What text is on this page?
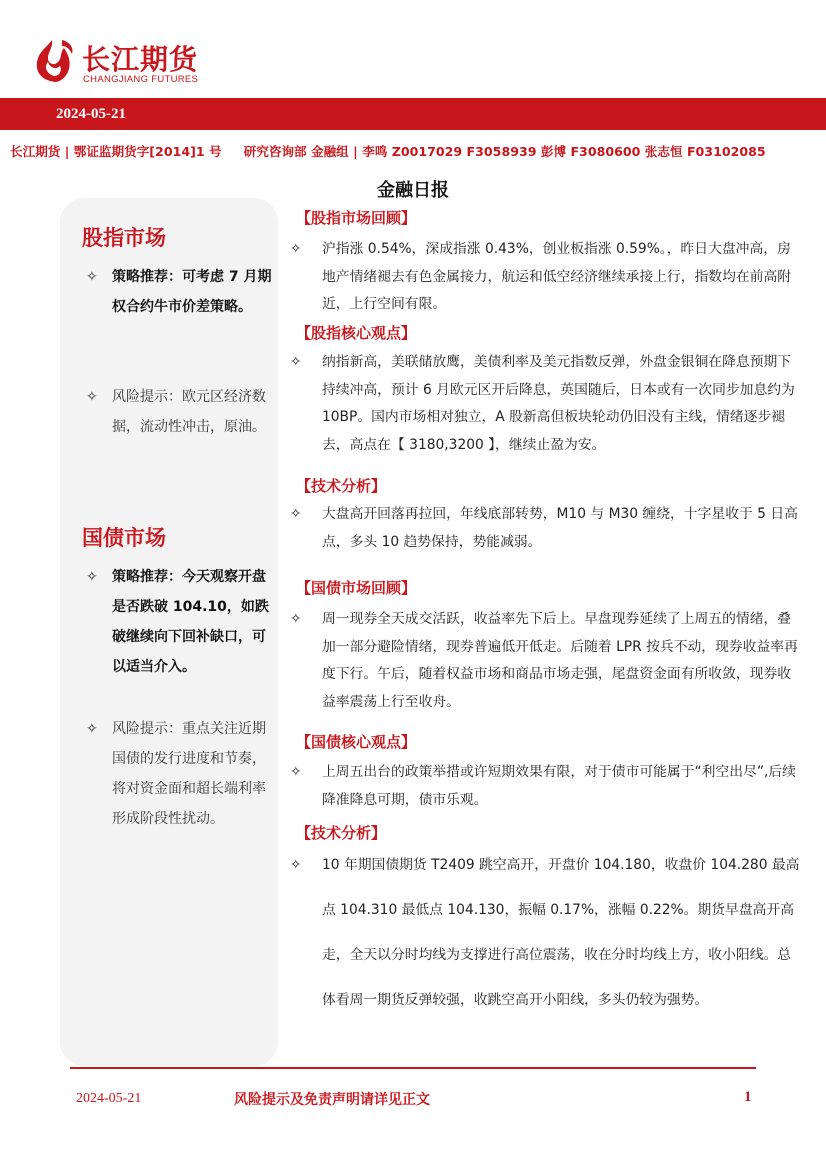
长江期货
CHANGJIANG FUTURES
2024-05-21
长江期货 | 鄂证监期货字[2014]1 号 研究咨询部 金融组 | 李鸣 Z0017029 F3058939 彭博 F3080600 张志恒 F03102085
金融日报
股指市场
✧	策略推荐：可考虑 7 月期权合约牛市价差策略。
✧	风险提示：欧元区经济数据，流动性冲击，原油。
国债市场
✧	策略推荐：今天观察开盘是否跌破 104.10，如跌破继续向下回补缺口，可以适当介入。
✧	风险提示：重点关注近期国债的发行进度和节奏，将对资金面和超长端利率形成阶段性扰动。
【股指市场回顾】
✧	沪指涨 0.54%，深成指涨 0.43%，创业板指涨 0.59%。，昨日大盘冲高，房地产情绪褪去有色金属接力，航运和低空经济继续承接上行，指数均在前高附近，上行空间有限。
【股指核心观点】
✧	纳指新高，美联储放鹰，美债利率及美元指数反弹，外盘金银铜在降息预期下持续冲高，预计 6 月欧元区开后降息，英国随后，日本或有一次同步加息约为 10BP。国内市场相对独立，A 股新高但板块轮动仍旧没有主线，情绪逐步褪去，高点在【 3180,3200 】，继续止盈为安。
【技术分析】
✧	大盘高开回落再拉回，年线底部转势，M10 与 M30 缠绕，十字星收于 5 日高点，多头 10 趋势保持，势能减弱。
【国债市场回顾】
✧	周一现券全天成交活跃，收益率先下后上。早盘现券延续了上周五的情绪，叠加一部分避险情绪，现券普遍低开低走。后随着 LPR 按兵不动，现券收益率再度下行。午后，随着权益市场和商品市场走强，尾盘资金面有所收敛，现券收益率震荡上行至收舟。
【国债核心观点】
✧	上周五出台的政策举措或许短期效果有限，对于债市可能属于“利空出尽”,后续降准降息可期，债市乐观。
【技术分析】
✧	10 年期国债期货 T2409 跳空高开，开盘价 104.180，收盘价 104.280 最高点 104.310 最低点 104.130，振幅 0.17%，涨幅 0.22%。期货早盘高开高走，全天以分时均线为支撑进行高位震荡，收在分时均线上方，收小阳线。总体看周一期货反弹较强，收跳空高开小阳线，多头仍较为强势。
2024-05-21	风险提示及免责声明请详见正文	1
